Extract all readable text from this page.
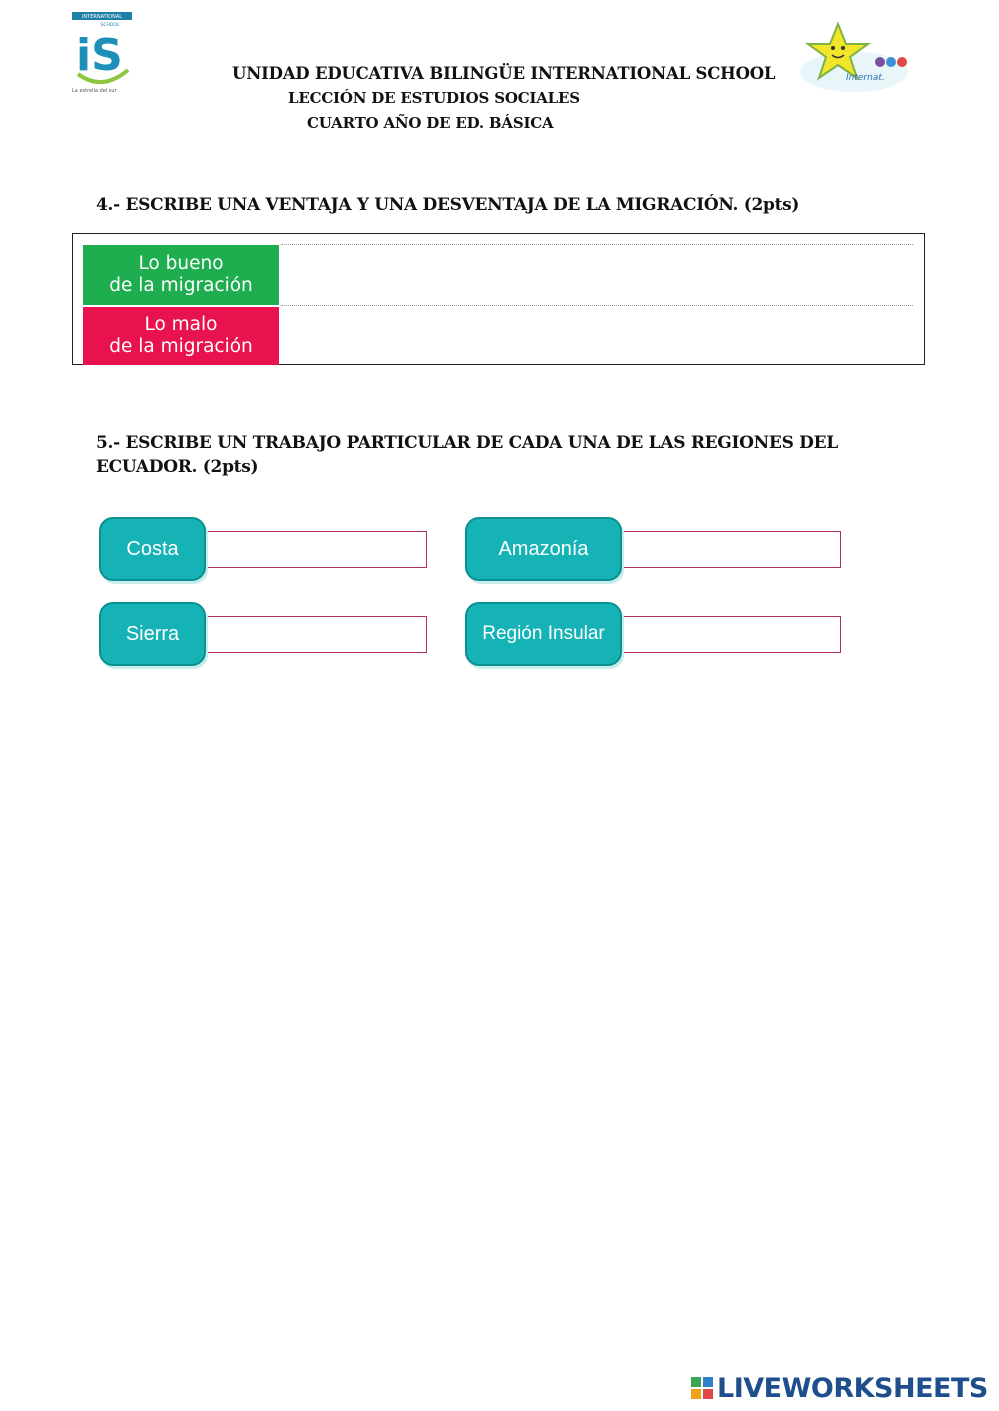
INTERNATIONAL
SCHOOL
iS
La estrella del sur
Internat.
UNIDAD EDUCATIVA BILINGÜE INTERNATIONAL SCHOOL
LECCIÓN DE ESTUDIOS SOCIALES
CUARTO AÑO DE ED. BÁSICA
4.- ESCRIBE UNA VENTAJA Y UNA DESVENTAJA DE LA MIGRACIÓN. (2pts)
Lo bueno
de la migración
Lo malo
de la migración
5.- ESCRIBE UN TRABAJO PARTICULAR DE CADA UNA DE LAS REGIONES DEL ECUADOR. (2pts)
Costa	Amazonía
Sierra	Región Insular
LIVEWORKSHEETS
